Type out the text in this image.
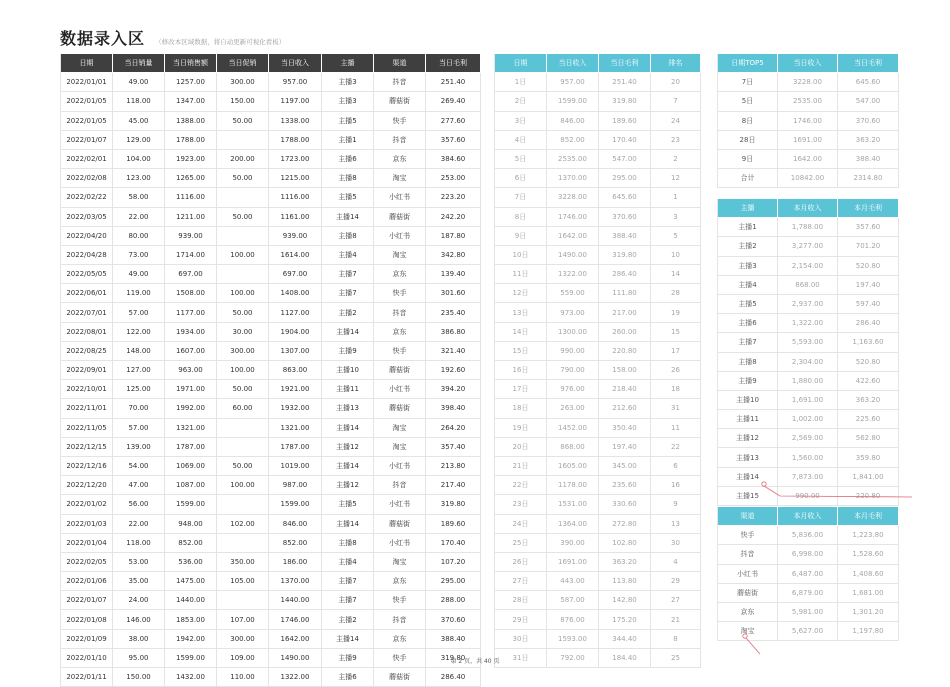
数据录入区 （修改本区域数据，将自动更新可视化看板）
日期	当日销量	当日销售额	当日促销	当日收入	主播	渠道	当日毛利
2022/01/01	49.00	1257.00	300.00	957.00	主播3	抖音	251.40
2022/01/05	118.00	1347.00	150.00	1197.00	主播3	蘑菇街	269.40
2022/01/05	45.00	1388.00	50.00	1338.00	主播5	快手	277.60
2022/01/07	129.00	1788.00		1788.00	主播1	抖音	357.60
2022/02/01	104.00	1923.00	200.00	1723.00	主播6	京东	384.60
2022/02/08	123.00	1265.00	50.00	1215.00	主播8	淘宝	253.00
2022/02/22	58.00	1116.00		1116.00	主播5	小红书	223.20
2022/03/05	22.00	1211.00	50.00	1161.00	主播14	蘑菇街	242.20
2022/04/20	80.00	939.00		939.00	主播8	小红书	187.80
2022/04/28	73.00	1714.00	100.00	1614.00	主播4	淘宝	342.80
2022/05/05	49.00	697.00		697.00	主播7	京东	139.40
2022/06/01	119.00	1508.00	100.00	1408.00	主播7	快手	301.60
2022/07/01	57.00	1177.00	50.00	1127.00	主播2	抖音	235.40
2022/08/01	122.00	1934.00	30.00	1904.00	主播14	京东	386.80
2022/08/25	148.00	1607.00	300.00	1307.00	主播9	快手	321.40
2022/09/01	127.00	963.00	100.00	863.00	主播10	蘑菇街	192.60
2022/10/01	125.00	1971.00	50.00	1921.00	主播11	小红书	394.20
2022/11/01	70.00	1992.00	60.00	1932.00	主播13	蘑菇街	398.40
2022/11/05	57.00	1321.00		1321.00	主播14	淘宝	264.20
2022/12/15	139.00	1787.00		1787.00	主播12	淘宝	357.40
2022/12/16	54.00	1069.00	50.00	1019.00	主播14	小红书	213.80
2022/12/20	47.00	1087.00	100.00	987.00	主播12	抖音	217.40
2022/01/02	56.00	1599.00		1599.00	主播5	小红书	319.80
2022/01/03	22.00	948.00	102.00	846.00	主播14	蘑菇街	189.60
2022/01/04	118.00	852.00		852.00	主播8	小红书	170.40
2022/02/05	53.00	536.00	350.00	186.00	主播4	淘宝	107.20
2022/01/06	35.00	1475.00	105.00	1370.00	主播7	京东	295.00
2022/01/07	24.00	1440.00		1440.00	主播7	快手	288.00
2022/01/08	146.00	1853.00	107.00	1746.00	主播2	抖音	370.60
2022/01/09	38.00	1942.00	300.00	1642.00	主播14	京东	388.40
2022/01/10	95.00	1599.00	109.00	1490.00	主播9	快手	319.80
2022/01/11	150.00	1432.00	110.00	1322.00	主播6	蘑菇街	286.40
日期	当日收入	当日毛利	排名
1日	957.00	251.40	20
2日	1599.00	319.80	7
3日	846.00	189.60	24
4日	852.00	170.40	23
5日	2535.00	547.00	2
6日	1370.00	295.00	12
7日	3228.00	645.60	1
8日	1746.00	370.60	3
9日	1642.00	388.40	5
10日	1490.00	319.80	10
11日	1322.00	286.40	14
12日	559.00	111.80	28
13日	973.00	217.00	19
14日	1300.00	260.00	15
15日	990.00	220.80	17
16日	790.00	158.00	26
17日	976.00	218.40	18
18日	263.00	212.60	31
19日	1452.00	350.40	11
20日	868.00	197.40	22
21日	1605.00	345.00	6
22日	1178.00	235.60	16
23日	1531.00	330.60	9
24日	1364.00	272.80	13
25日	390.00	102.80	30
26日	1691.00	363.20	4
27日	443.00	113.80	29
28日	587.00	142.80	27
29日	876.00	175.20	21
30日	1593.00	344.40	8
31日	792.00	184.40	25
日期TOP5	当日收入	当日毛利
7日	3228.00	645.60
5日	2535.00	547.00
8日	1746.00	370.60
28日	1691.00	363.20
9日	1642.00	388.40
合计	10842.00	2314.80
主播	本月收入	本月毛利
主播1	1,788.00	357.60
主播2	3,277.00	701.20
主播3	2,154.00	520.80
主播4	868.00	197.40
主播5	2,937.00	597.40
主播6	1,322.00	286.40
主播7	5,593.00	1,163.60
主播8	2,304.00	520.80
主播9	1,880.00	422.60
主播10	1,691.00	363.20
主播11	1,002.00	225.60
主播12	2,569.00	562.80
主播13	1,560.00	359.80
主播14	7,873.00	1,841.00
主播15	990.00	220.80
渠道	本月收入	本月毛利
快手	5,836.00	1,223.80
抖音	6,998.00	1,528.60
小红书	6,487.00	1,408.60
蘑菇街	6,879.00	1,681.00
京东	5,981.00	1,301.20
淘宝	5,627.00	1,197.80
第 2 页，共 40 页
